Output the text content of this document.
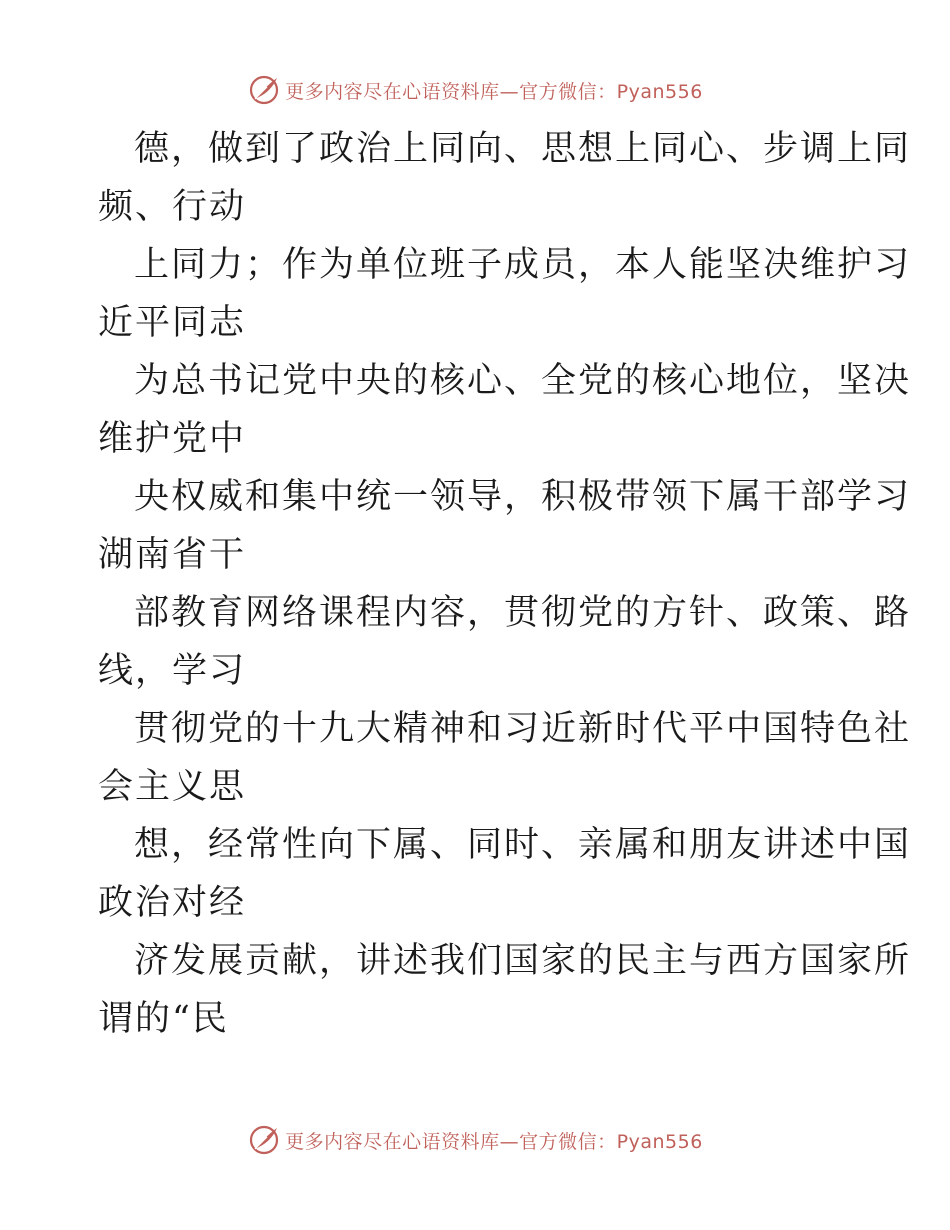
更多内容尽在心语资料库—官方微信：Pyan556

德，做到了政治上同向、思想上同心、步调上同
频、行动

上同力；作为单位班子成员，本人能坚决维护习
近平同志

为总书记党中央的核心、全党的核心地位，坚决
维护党中

央权威和集中统一领导，积极带领下属干部学习
湖南省干

部教育网络课程内容，贯彻党的方针、政策、路
线，学习

贯彻党的十九大精神和习近新时代平中国特色社
会主义思

想，经常性向下属、同时、亲属和朋友讲述中国
政治对经

济发展贡献，讲述我们国家的民主与西方国家所
谓的“民

更多内容尽在心语资料库—官方微信：Pyan556
